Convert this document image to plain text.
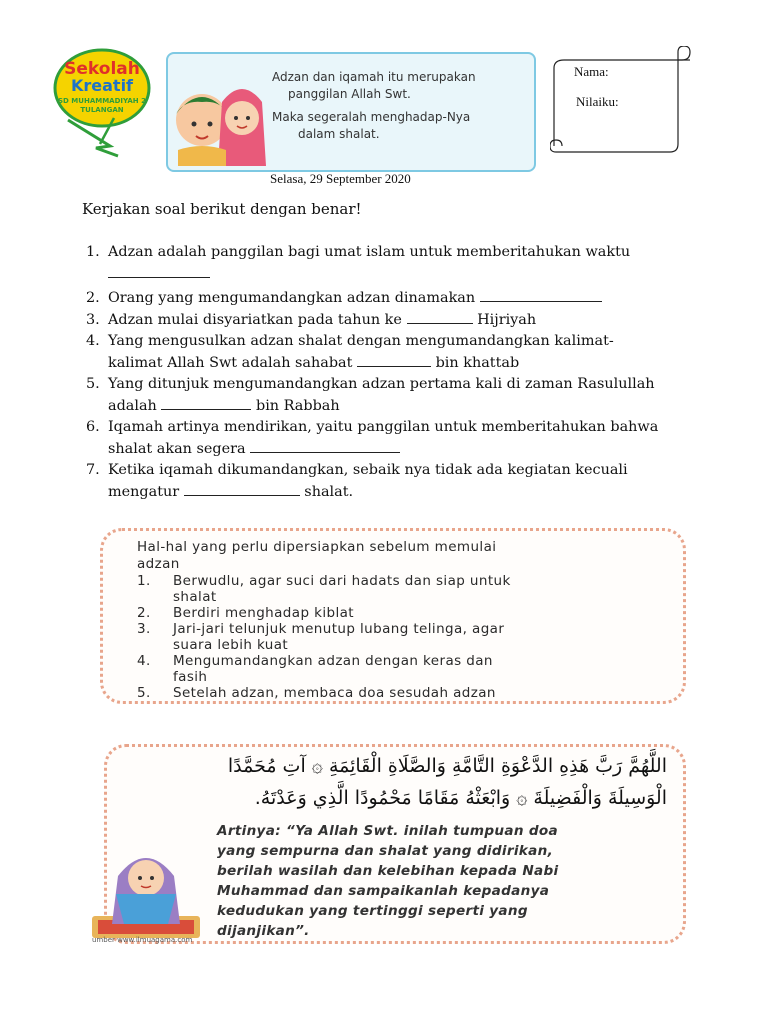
Sekolah
Kreatif
SD MUHAMMADIYAH 2
TULANGAN
Adzan dan iqamah itu merupakan
panggilan Allah Swt.
Maka segeralah menghadap-Nya
dalam shalat.
Nama:
Nilaiku:
Selasa, 29 September 2020
Kerjakan soal berikut dengan benar!
1. Adzan adalah panggilan bagi umat islam untuk memberitahukan waktu

2. Orang yang mengumandangkan adzan dinamakan
3. Adzan mulai disyariatkan pada tahun ke	Hijriyah
4. Yang mengusulkan adzan shalat dengan mengumandangkan kalimat-
kalimat Allah Swt adalah sahabat	bin khattab
5. Yang ditunjuk mengumandangkan adzan pertama kali di zaman Rasulullah
adalah	bin Rabbah
6. Iqamah artinya mendirikan, yaitu panggilan untuk memberitahukan bahwa
shalat akan segera
7. Ketika iqamah dikumandangkan, sebaik nya tidak ada kegiatan kecuali
mengatur	shalat.
Hal-hal yang perlu dipersiapkan sebelum memulai
adzan
1. Berwudlu, agar suci dari hadats dan siap untuk
shalat
2. Berdiri menghadap kiblat
3. Jari-jari telunjuk menutup lubang telinga, agar
suara lebih kuat
4. Mengumandangkan adzan dengan keras dan
fasih
5. Setelah adzan, membaca doa sesudah adzan
اللَّهُمَّ رَبَّ هَذِهِ الدَّعْوَةِ التَّامَّةِ وَالصَّلَاةِ الْقَائِمَةِ ۞ آتِ مُحَمَّدًا
الْوَسِيلَةَ وَالْفَضِيلَةَ ۞ وَابْعَثْهُ مَقَامًا مَحْمُودًا الَّذِي وَعَدْتَهُ.
Artinya: “Ya Allah Swt. inilah tumpuan doa
yang sempurna dan shalat yang didirikan,
berilah wasilah dan kelebihan kepada Nabi
Muhammad dan sampaikanlah kepadanya
kedudukan yang tertinggi seperti yang
dijanjikan”.
umber www.ilmuagama.com
